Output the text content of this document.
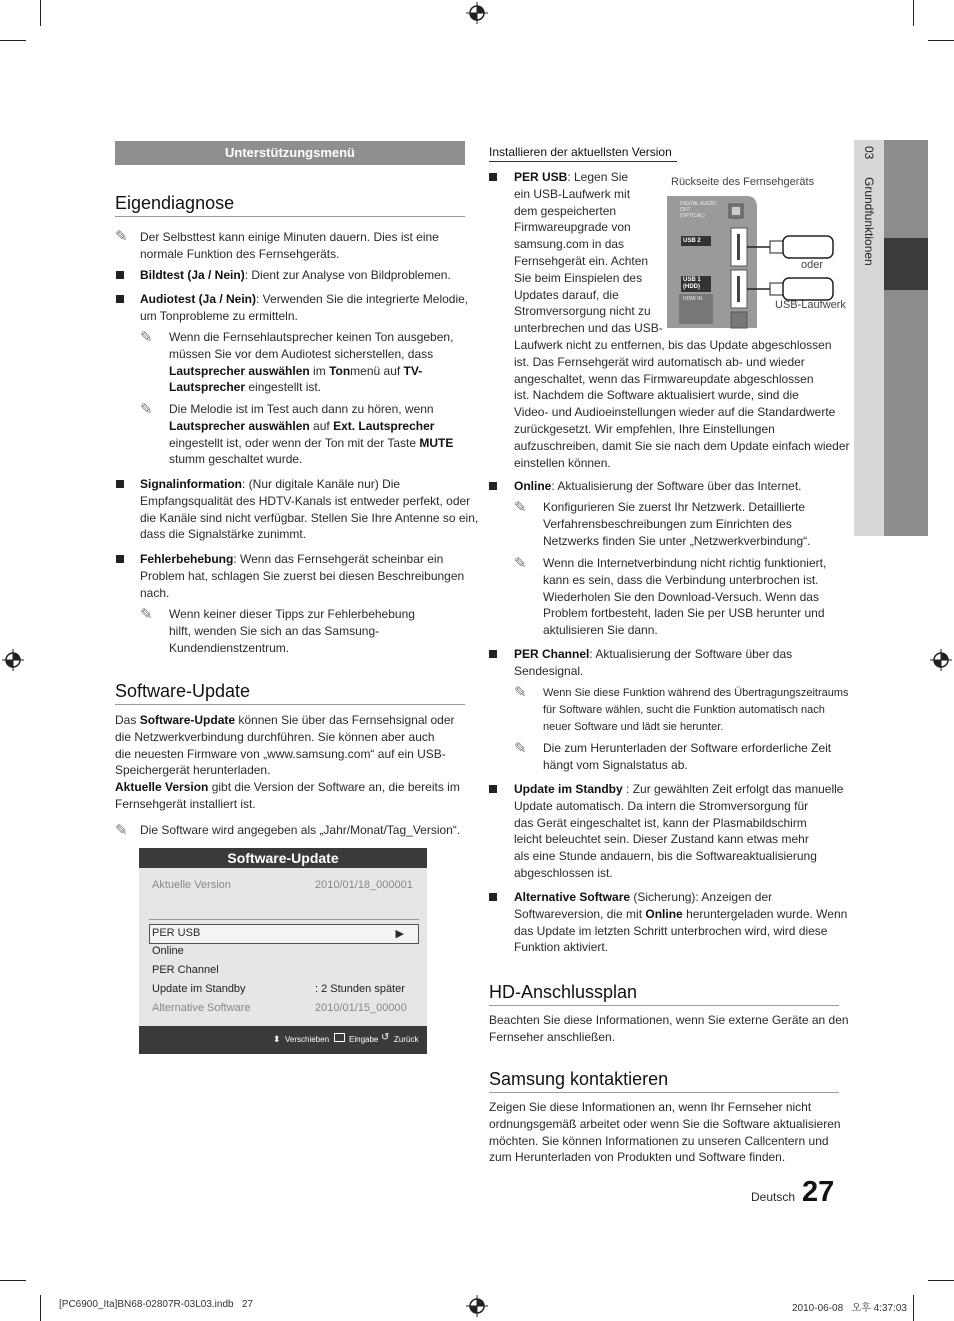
Unterstützungsmenü
Eigendiagnose
✎ Der Selbsttest kann einige Minuten dauern. Dies ist eine
normale Funktion des Fernsehgeräts.
Bildtest (Ja / Nein): Dient zur Analyse von Bildproblemen.
Audiotest (Ja / Nein): Verwenden Sie die integrierte Melodie,
um Tonprobleme zu ermitteln.
✎ Wenn die Fernsehlautsprecher keinen Ton ausgeben,
müssen Sie vor dem Audiotest sicherstellen, dass
Lautsprecher auswählen im Tonmenü auf TV-
Lautsprecher eingestellt ist.
✎ Die Melodie ist im Test auch dann zu hören, wenn
Lautsprecher auswählen auf Ext. Lautsprecher
eingestellt ist, oder wenn der Ton mit der Taste MUTE
stumm geschaltet wurde.
Signalinformation: (Nur digitale Kanäle nur) Die
Empfangsqualität des HDTV-Kanals ist entweder perfekt, oder
die Kanäle sind nicht verfügbar. Stellen Sie Ihre Antenne so ein,
dass die Signalstärke zunimmt.
Fehlerbehebung: Wenn das Fernsehgerät scheinbar ein
Problem hat, schlagen Sie zuerst bei diesen Beschreibungen
nach.
✎ Wenn keiner dieser Tipps zur Fehlerbehebung
hilft, wenden Sie sich an das Samsung-
Kundendienstzentrum.
Software-Update
Das Software-Update können Sie über das Fernsehsignal oder
die Netzwerkverbindung durchführen. Sie können aber auch
die neuesten Firmware von „www.samsung.com“ auf ein USB-
Speichergerät herunterladen.
Aktuelle Version gibt die Version der Software an, die bereits im
Fernsehgerät installiert ist.
✎ Die Software wird angegeben als „Jahr/Monat/Tag_Version“.
Software-Update
Aktuelle Version	2010/01/18_000001
PER USB	▶
Online
PER Channel
Update im Standby	: 2 Stunden später
Alternative Software	2010/01/15_00000
⬍ Verschieben Eingabe ↺ Zurück
Installieren der aktuellsten Version
PER USB: Legen Sie
ein USB-Laufwerk mit
dem gespeicherten
Firmwareupgrade von
samsung.com in das
Fernsehgerät ein. Achten
Sie beim Einspielen des
Updates darauf, die
Stromversorgung nicht zu
unterbrechen und das USB-
Laufwerk nicht zu entfernen, bis das Update abgeschlossen
ist. Das Fernsehgerät wird automatisch ab- und wieder
angeschaltet, wenn das Firmwareupdate abgeschlossen
ist. Nachdem die Software aktualisiert wurde, sind die
Video- und Audioeinstellungen wieder auf die Standardwerte
zurückgesetzt. Wir empfehlen, Ihre Einstellungen
aufzuschreiben, damit Sie sie nach dem Update einfach wieder
einstellen können.
Rückseite des Fernsehgeräts
DIGITAL AUDIO OUT (OPTICAL)
USB 2
USB 1 (HDD)
HDMI IN
oder
USB-Laufwerk
Online: Aktualisierung der Software über das Internet.
✎ Konfigurieren Sie zuerst Ihr Netzwerk. Detaillierte
Verfahrensbeschreibungen zum Einrichten des
Netzwerks finden Sie unter „Netzwerkverbindung“.
✎ Wenn die Internetverbindung nicht richtig funktioniert,
kann es sein, dass die Verbindung unterbrochen ist.
Wiederholen Sie den Download-Versuch. Wenn das
Problem fortbesteht, laden Sie per USB herunter und
aktulisieren Sie dann.
PER Channel: Aktualisierung der Software über das
Sendesignal.
✎ Wenn Sie diese Funktion während des Übertragungszeitraums
für Software wählen, sucht die Funktion automatisch nach
neuer Software und lädt sie herunter.
✎ Die zum Herunterladen der Software erforderliche Zeit
hängt vom Signalstatus ab.
Update im Standby : Zur gewählten Zeit erfolgt das manuelle
Update automatisch. Da intern die Stromversorgung für
das Gerät eingeschaltet ist, kann der Plasmabildschirm
leicht beleuchtet sein. Dieser Zustand kann etwas mehr
als eine Stunde andauern, bis die Softwareaktualisierung
abgeschlossen ist.
Alternative Software (Sicherung): Anzeigen der
Softwareversion, die mit Online heruntergeladen wurde. Wenn
das Update im letzten Schritt unterbrochen wird, wird diese
Funktion aktiviert.
HD-Anschlussplan
Beachten Sie diese Informationen, wenn Sie externe Geräte an den
Fernseher anschließen.
Samsung kontaktieren
Zeigen Sie diese Informationen an, wenn Ihr Fernseher nicht
ordnungsgemäß arbeitet oder wenn Sie die Software aktualisieren
möchten. Sie können Informationen zu unseren Callcentern und
zum Herunterladen von Produkten und Software finden.
03
Grundfunktionen
Deutsch 27
[PC6900_Ita]BN68-02807R-03L03.indb   27	2010-06-08   오후 4:37:03
